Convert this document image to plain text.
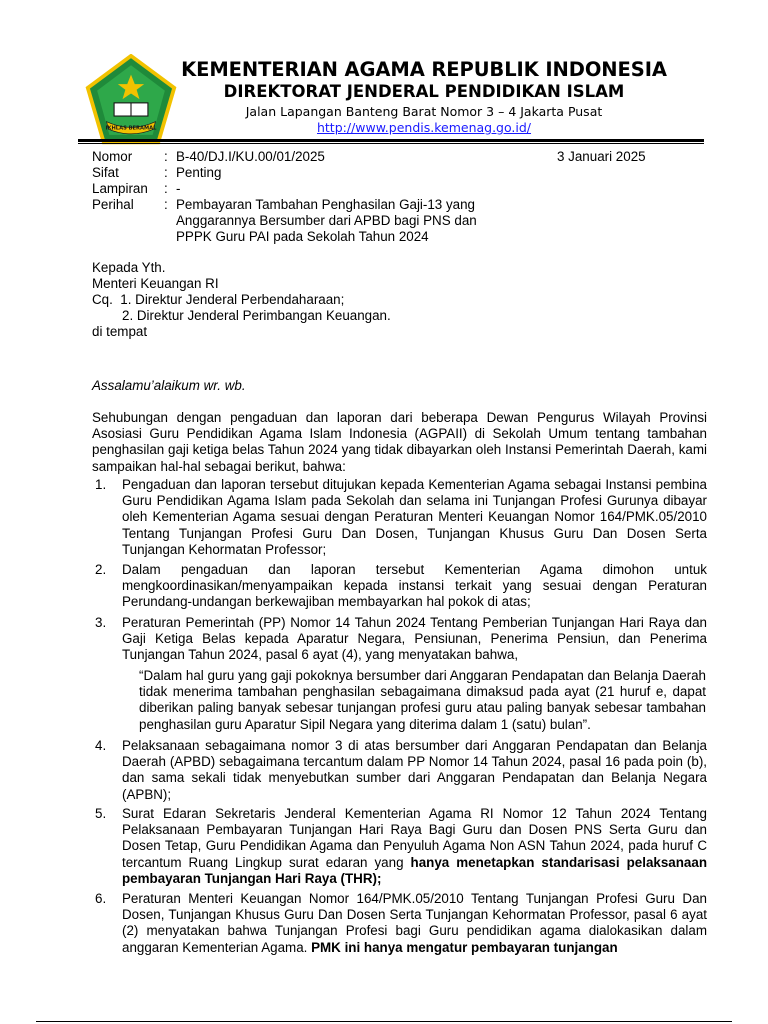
IKHLAS BERAMAL
KEMENTERIAN AGAMA REPUBLIK INDONESIA
DIREKTORAT JENDERAL PENDIDIKAN ISLAM

Jalan Lapangan Banteng Barat Nomor 3 – 4 Jakarta Pusat

http://www.pendis.kemenag.go.id/

Nomor	: B-40/DJ.I/KU.00/01/2025	3 Januari 2025
Sifat	: Penting
Lampiran	: -
Perihal	: Pembayaran Tambahan Penghasilan Gaji-13 yang
Anggarannya Bersumber dari APBD bagi PNS dan
PPPK Guru PAI pada Sekolah Tahun 2024

Kepada Yth.

Menteri Keuangan RI

Cq.  1. Direktur Jenderal Perbendaharaan;

2. Direktur Jenderal Perimbangan Keuangan.

di tempat

Assalamu’alaikum wr. wb.

Sehubungan dengan pengaduan dan laporan dari beberapa Dewan Pengurus Wilayah Provinsi Asosiasi Guru Pendidikan Agama Islam Indonesia (AGPAII) di Sekolah Umum tentang tambahan penghasilan gaji ketiga belas Tahun 2024 yang tidak dibayarkan oleh Instansi Pemerintah Daerah, kami sampaikan hal-hal sebagai berikut, bahwa:

1. Pengaduan dan laporan tersebut ditujukan kepada Kementerian Agama sebagai Instansi pembina Guru Pendidikan Agama Islam pada Sekolah dan selama ini Tunjangan Profesi Gurunya dibayar oleh Kementerian Agama sesuai dengan Peraturan Menteri Keuangan Nomor 164/PMK.05/2010 Tentang Tunjangan Profesi Guru Dan Dosen, Tunjangan Khusus Guru Dan Dosen Serta Tunjangan Kehormatan Professor;

2. Dalam pengaduan dan laporan tersebut Kementerian Agama dimohon untuk mengkoordinasikan/menyampaikan kepada instansi terkait yang sesuai dengan Peraturan Perundang-undangan berkewajiban membayarkan hal pokok di atas;

3. Peraturan Pemerintah (PP) Nomor 14 Tahun 2024 Tentang Pemberian Tunjangan Hari Raya dan Gaji Ketiga Belas kepada Aparatur Negara, Pensiunan, Penerima Pensiun, dan Penerima Tunjangan Tahun 2024, pasal 6 ayat (4), yang menyatakan bahwa,

“Dalam hal guru yang gaji pokoknya bersumber dari Anggaran Pendapatan dan Belanja Daerah tidak menerima tambahan penghasilan sebagaimana dimaksud pada ayat (21 huruf e, dapat diberikan paling banyak sebesar tunjangan profesi guru atau paling banyak sebesar tambahan penghasilan guru Aparatur Sipil Negara yang diterima dalam 1 (satu) bulan”.

4. Pelaksanaan sebagaimana nomor 3 di atas bersumber dari Anggaran Pendapatan dan Belanja Daerah (APBD) sebagaimana tercantum dalam PP Nomor 14 Tahun 2024, pasal 16 pada poin (b), dan sama sekali tidak menyebutkan sumber dari Anggaran Pendapatan dan Belanja Negara (APBN);

5. Surat Edaran Sekretaris Jenderal Kementerian Agama RI Nomor 12 Tahun 2024 Tentang Pelaksanaan Pembayaran Tunjangan Hari Raya Bagi Guru dan Dosen PNS Serta Guru dan Dosen Tetap, Guru Pendidikan Agama dan Penyuluh Agama Non ASN Tahun 2024, pada huruf C tercantum Ruang Lingkup surat edaran yang hanya menetapkan standarisasi pelaksanaan pembayaran Tunjangan Hari Raya (THR);

6. Peraturan Menteri Keuangan Nomor 164/PMK.05/2010 Tentang Tunjangan Profesi Guru Dan Dosen, Tunjangan Khusus Guru Dan Dosen Serta Tunjangan Kehormatan Professor, pasal 6 ayat (2) menyatakan bahwa Tunjangan Profesi bagi Guru pendidikan agama dialokasikan dalam anggaran Kementerian Agama. PMK ini hanya mengatur pembayaran tunjangan
